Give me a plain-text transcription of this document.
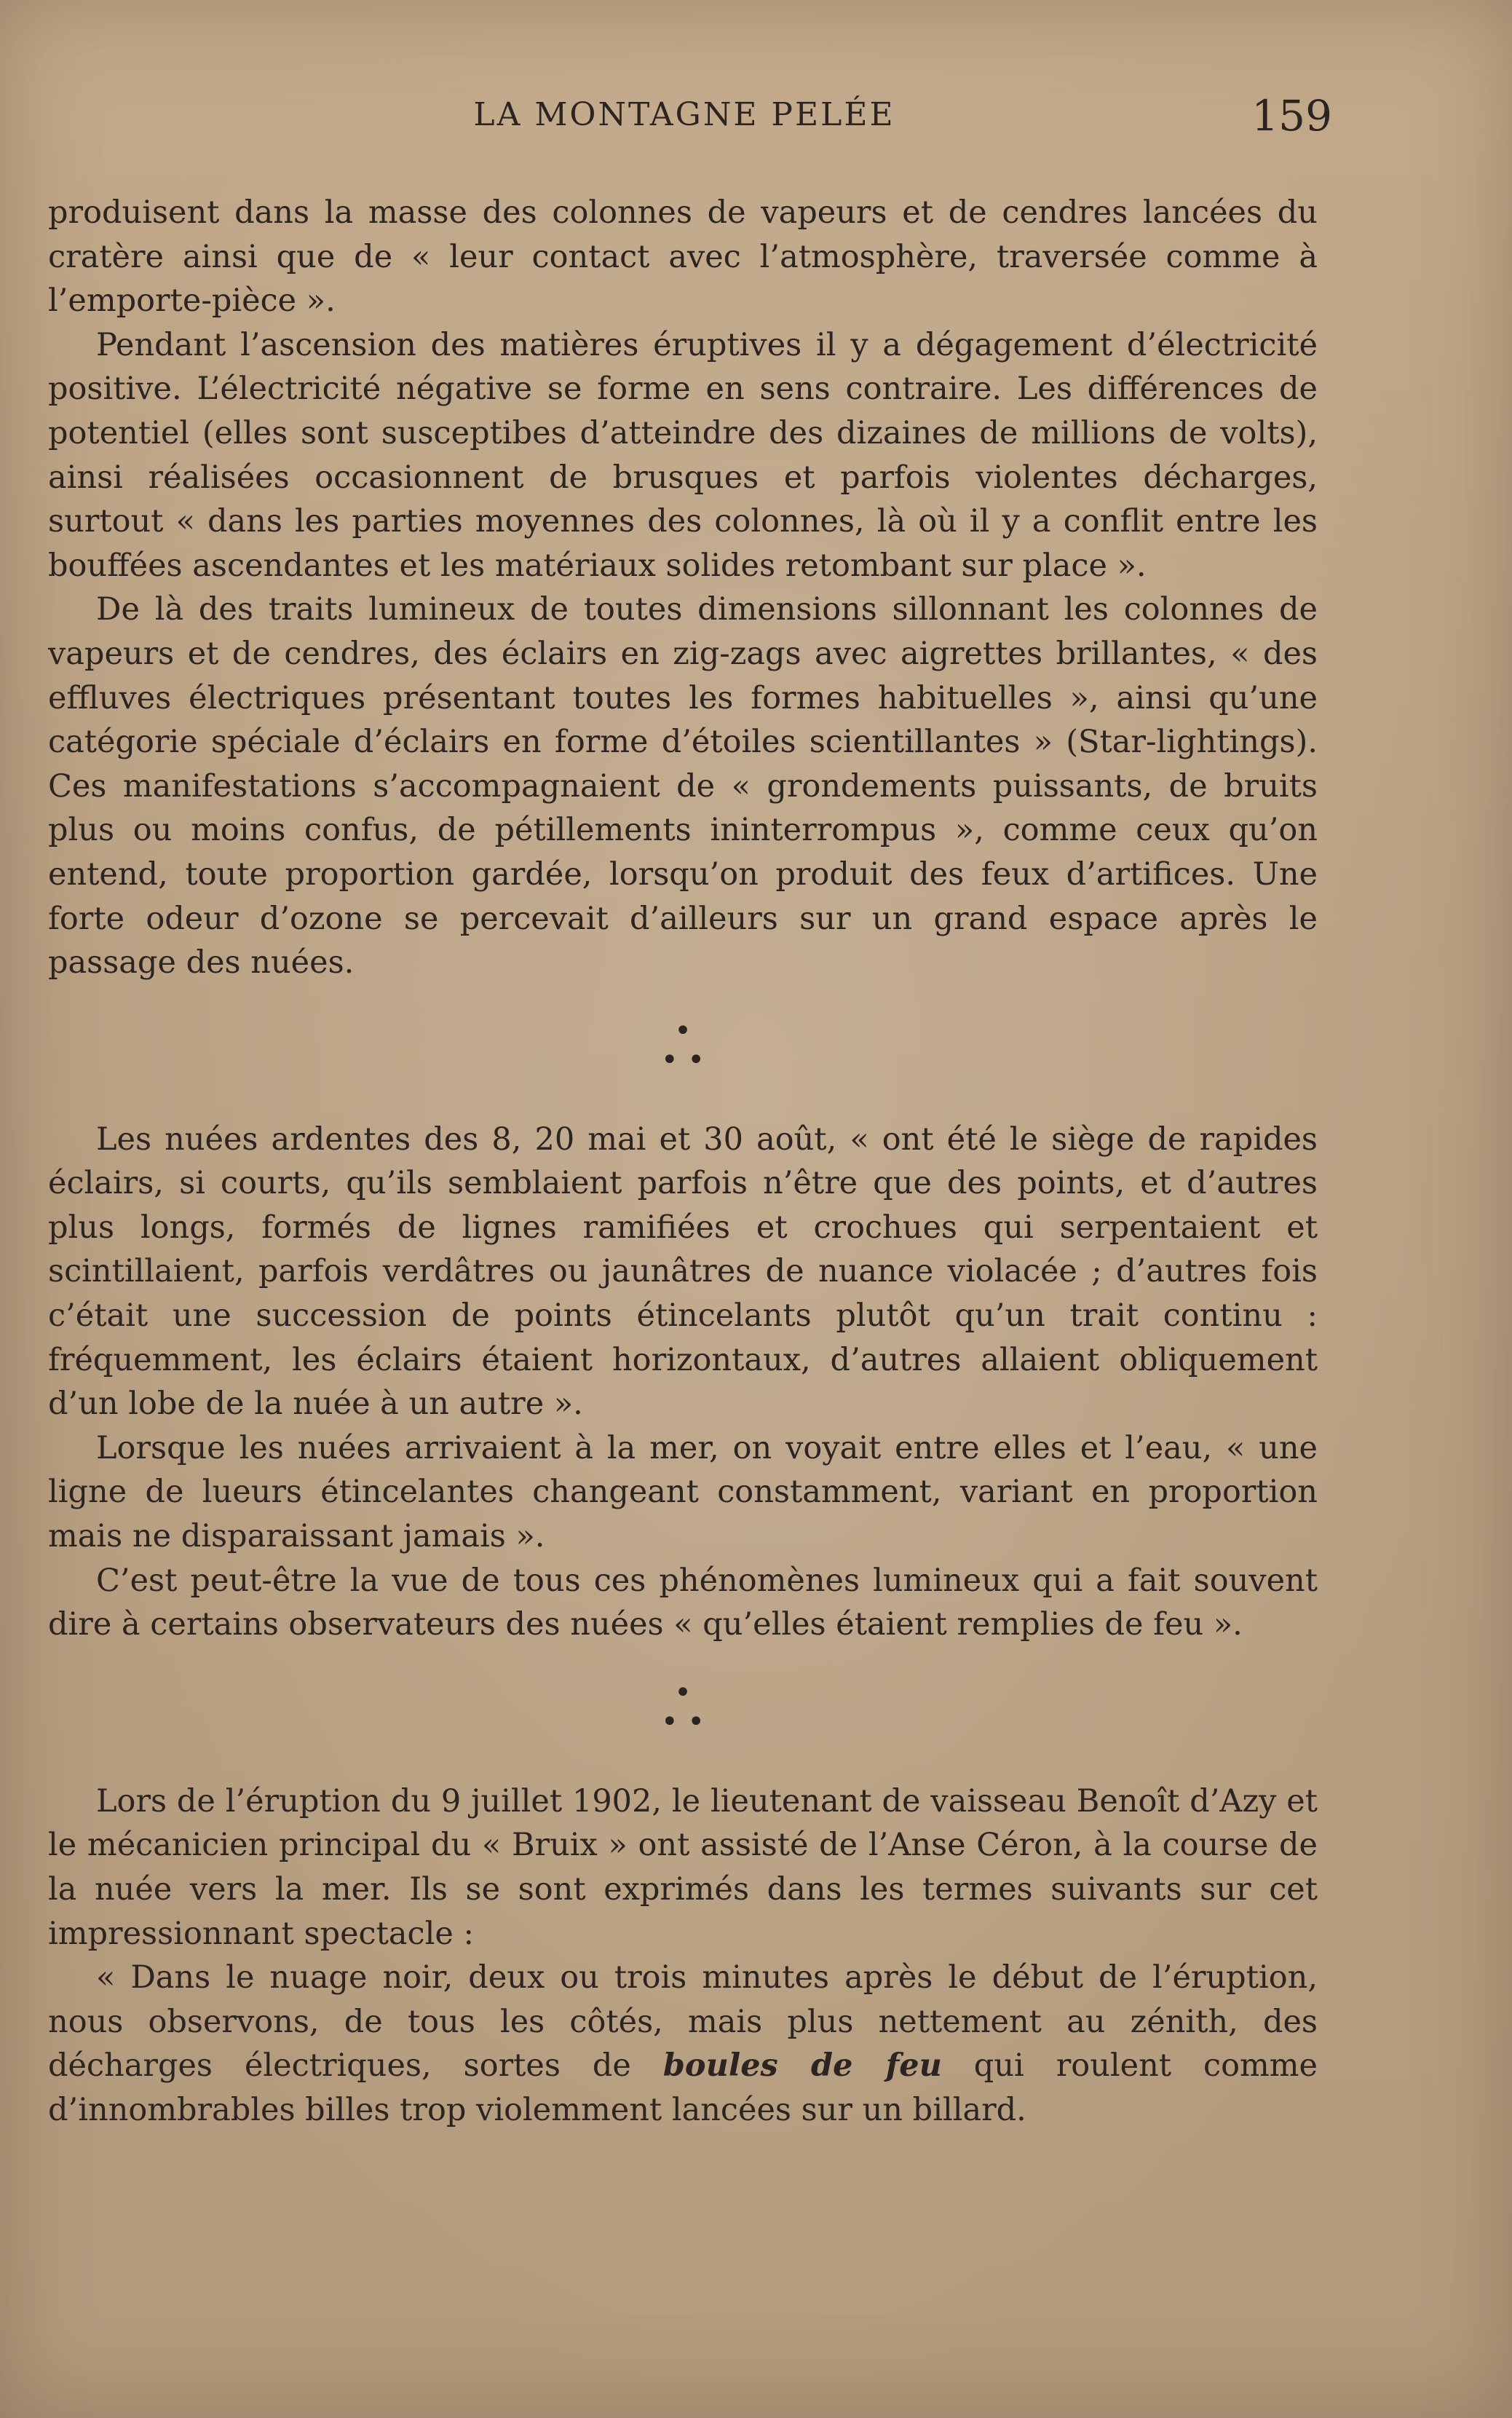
LA MONTAGNE PELÉE	159

produisent dans la masse des colonnes de vapeurs et de cendres lancées du cratère ainsi que de « leur contact avec l’atmosphère, traversée comme à l’emporte-pièce ».

Pendant l’ascension des matières éruptives il y a dégagement d’électricité positive. L’électricité négative se forme en sens contraire. Les différences de potentiel (elles sont susceptibes d’atteindre des dizaines de millions de volts), ainsi réalisées occasionnent de brusques et parfois violentes décharges, surtout « dans les parties moyennes des colonnes, là où il y a conflit entre les bouffées ascendantes et les matériaux solides retombant sur place ».

De là des traits lumineux de toutes dimensions sillonnant les colonnes de vapeurs et de cendres, des éclairs en zig-zags avec aigrettes brillantes, « des effluves électriques présentant toutes les formes habituelles », ainsi qu’une catégorie spéciale d’éclairs en forme d’étoiles scientillantes » (Star-lightings). Ces manifestations s’accompagnaient de « grondements puissants, de bruits plus ou moins confus, de pétillements ininterrompus », comme ceux qu’on entend, toute proportion gardée, lorsqu’on produit des feux d’artifices. Une forte odeur d’ozone se percevait d’ailleurs sur un grand espace après le passage des nuées.

•
• •

Les nuées ardentes des 8, 20 mai et 30 août, « ont été le siège de rapides éclairs, si courts, qu’ils semblaient parfois n’être que des points, et d’autres plus longs, formés de lignes ramifiées et crochues qui serpentaient et scintillaient, parfois verdâtres ou jaunâtres de nuance violacée ; d’autres fois c’était une succession de points étincelants plutôt qu’un trait continu : fréquemment, les éclairs étaient horizontaux, d’autres allaient obliquement d’un lobe de la nuée à un autre ».

Lorsque les nuées arrivaient à la mer, on voyait entre elles et l’eau, « une ligne de lueurs étincelantes changeant constamment, variant en proportion mais ne disparaissant jamais ».

C’est peut-être la vue de tous ces phénomènes lumineux qui a fait souvent dire à certains observateurs des nuées « qu’elles étaient remplies de feu ».

•
• •

Lors de l’éruption du 9 juillet 1902, le lieutenant de vaisseau Benoît d’Azy et le mécanicien principal du « Bruix » ont assisté de l’Anse Céron, à la course de la nuée vers la mer. Ils se sont exprimés dans les termes suivants sur cet impressionnant spectacle :

« Dans le nuage noir, deux ou trois minutes après le début de l’éruption, nous observons, de tous les côtés, mais plus nettement au zénith, des décharges électriques, sortes de boules de feu qui roulent comme d’innombrables billes trop violemment lancées sur un billard.
